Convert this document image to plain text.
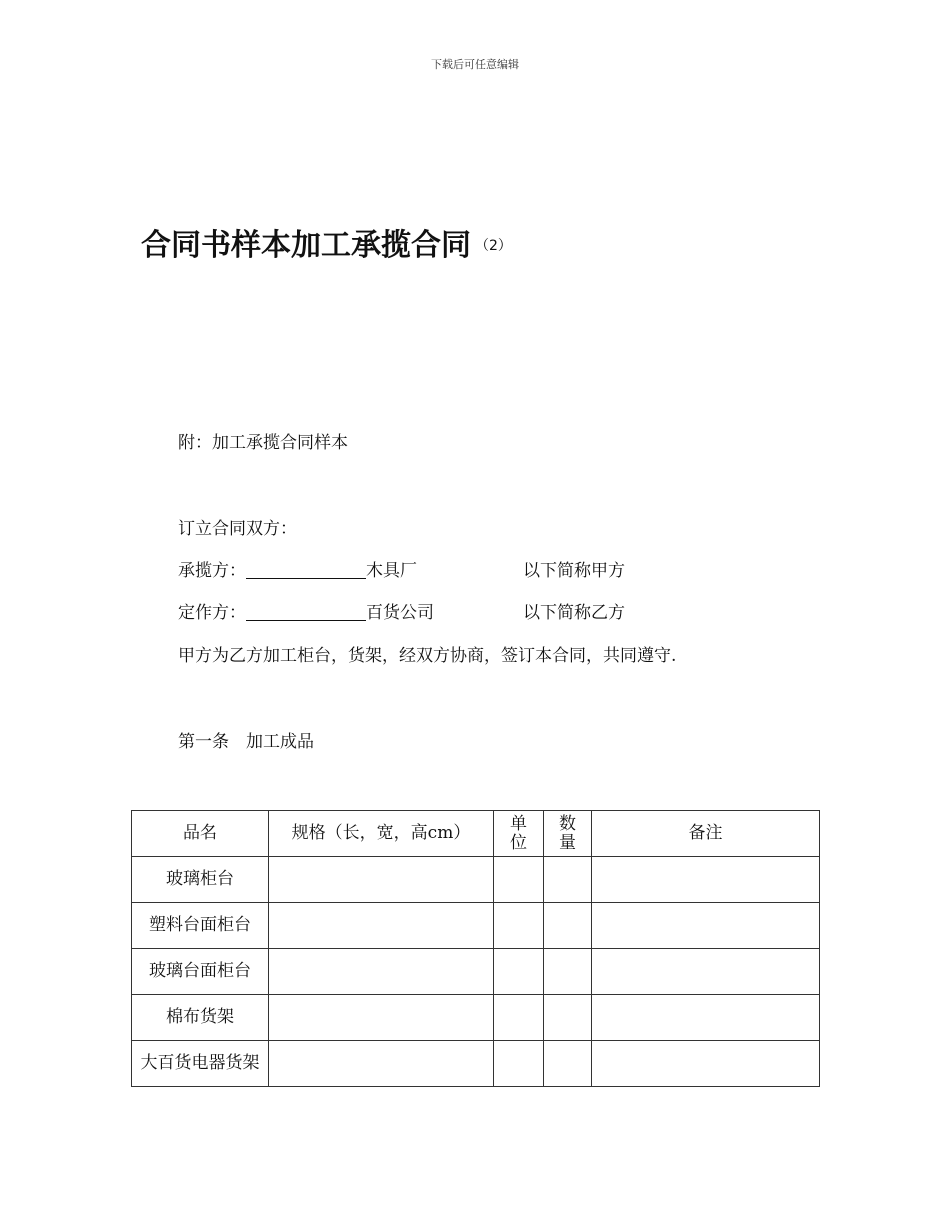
下载后可任意编辑
合同书样本加工承揽合同 （2）
附：加工承揽合同样本
订立合同双方：
承揽方：	木具厂	以下简称甲方
定作方：	百货公司	以下简称乙方
甲方为乙方加工柜台，货架，经双方协商，签订本合同，共同遵守.
第一条　加工成品
品名	规格（长，宽，高cm）	单位	数量	备注
玻璃柜台				
塑料台面柜台				
玻璃台面柜台				
棉布货架				
大百货电器货架				
